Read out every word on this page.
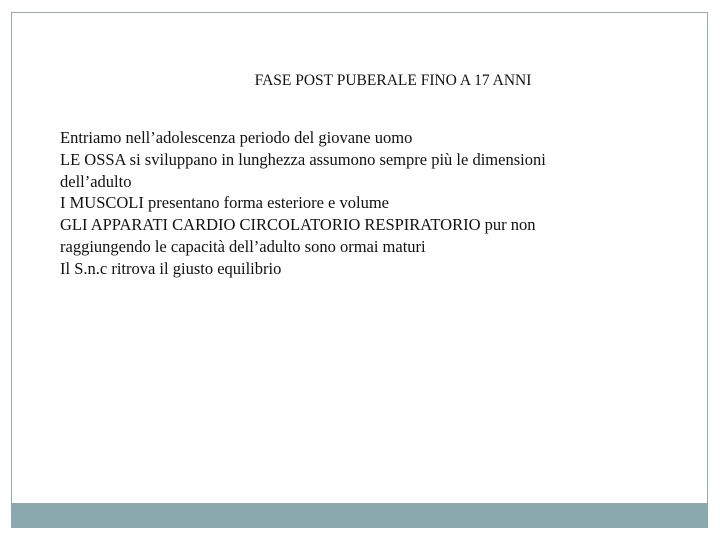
FASE POST PUBERALE FINO A 17 ANNI
Entriamo nell’adolescenza periodo del giovane uomo
LE OSSA si sviluppano in lunghezza assumono sempre più le dimensioni
dell’adulto
I MUSCOLI presentano forma esteriore e volume
GLI APPARATI CARDIO CIRCOLATORIO RESPIRATORIO pur non
raggiungendo le capacità dell’adulto sono ormai maturi
Il S.n.c ritrova il giusto equilibrio
